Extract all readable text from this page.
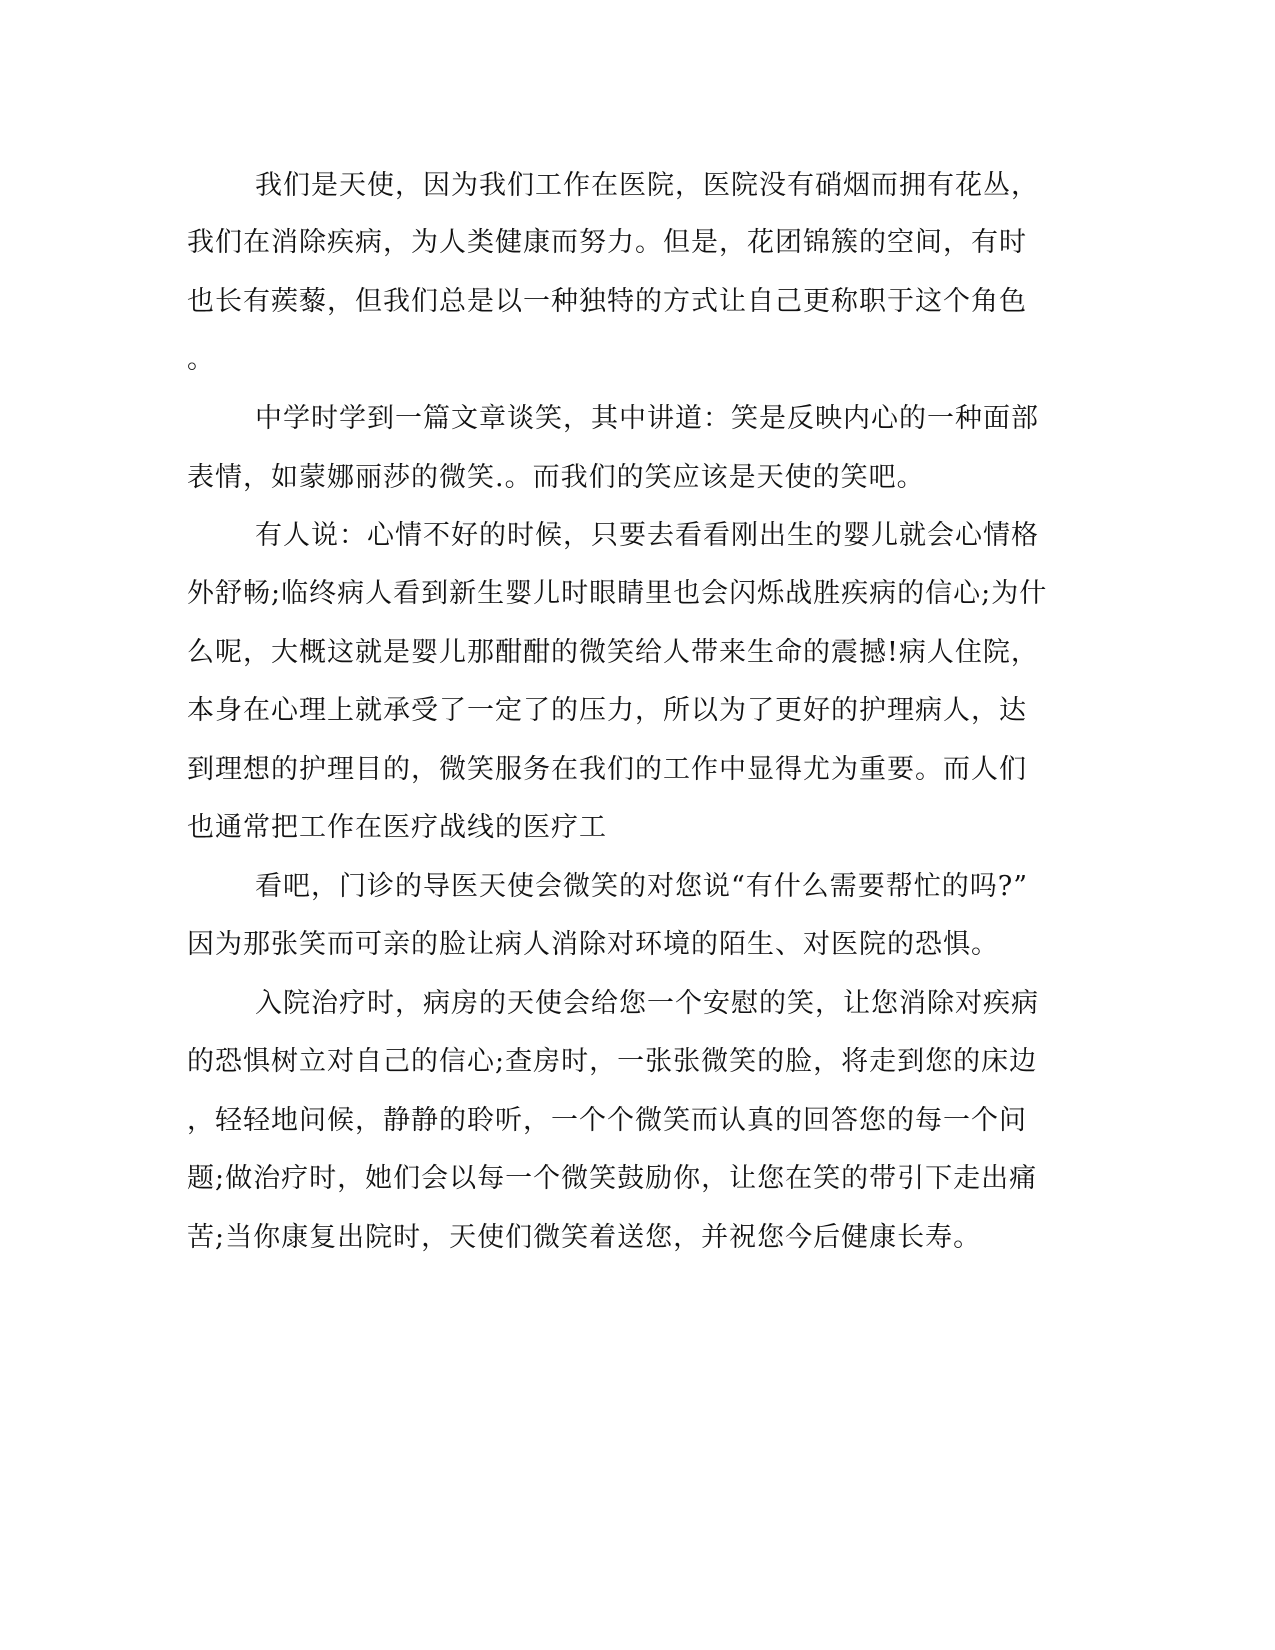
我们是天使，因为我们工作在医院，医院没有硝烟而拥有花丛，

我们在消除疾病，为人类健康而努力。但是，花团锦簇的空间，有时

也长有蒺藜，但我们总是以一种独特的方式让自己更称职于这个角色

。

中学时学到一篇文章谈笑，其中讲道：笑是反映内心的一种面部

表情，如蒙娜丽莎的微笑.。而我们的笑应该是天使的笑吧。

有人说：心情不好的时候，只要去看看刚出生的婴儿就会心情格

外舒畅;临终病人看到新生婴儿时眼睛里也会闪烁战胜疾病的信心;为什

么呢，大概这就是婴儿那酣酣的微笑给人带来生命的震撼!病人住院，

本身在心理上就承受了一定了的压力，所以为了更好的护理病人，达

到理想的护理目的，微笑服务在我们的工作中显得尤为重要。而人们

也通常把工作在医疗战线的医疗工

看吧，门诊的导医天使会微笑的对您说“有什么需要帮忙的吗?”

因为那张笑而可亲的脸让病人消除对环境的陌生、对医院的恐惧。

入院治疗时，病房的天使会给您一个安慰的笑，让您消除对疾病

的恐惧树立对自己的信心;查房时，一张张微笑的脸，将走到您的床边

，轻轻地问候，静静的聆听，一个个微笑而认真的回答您的每一个问

题;做治疗时，她们会以每一个微笑鼓励你，让您在笑的带引下走出痛

苦;当你康复出院时，天使们微笑着送您，并祝您今后健康长寿。
